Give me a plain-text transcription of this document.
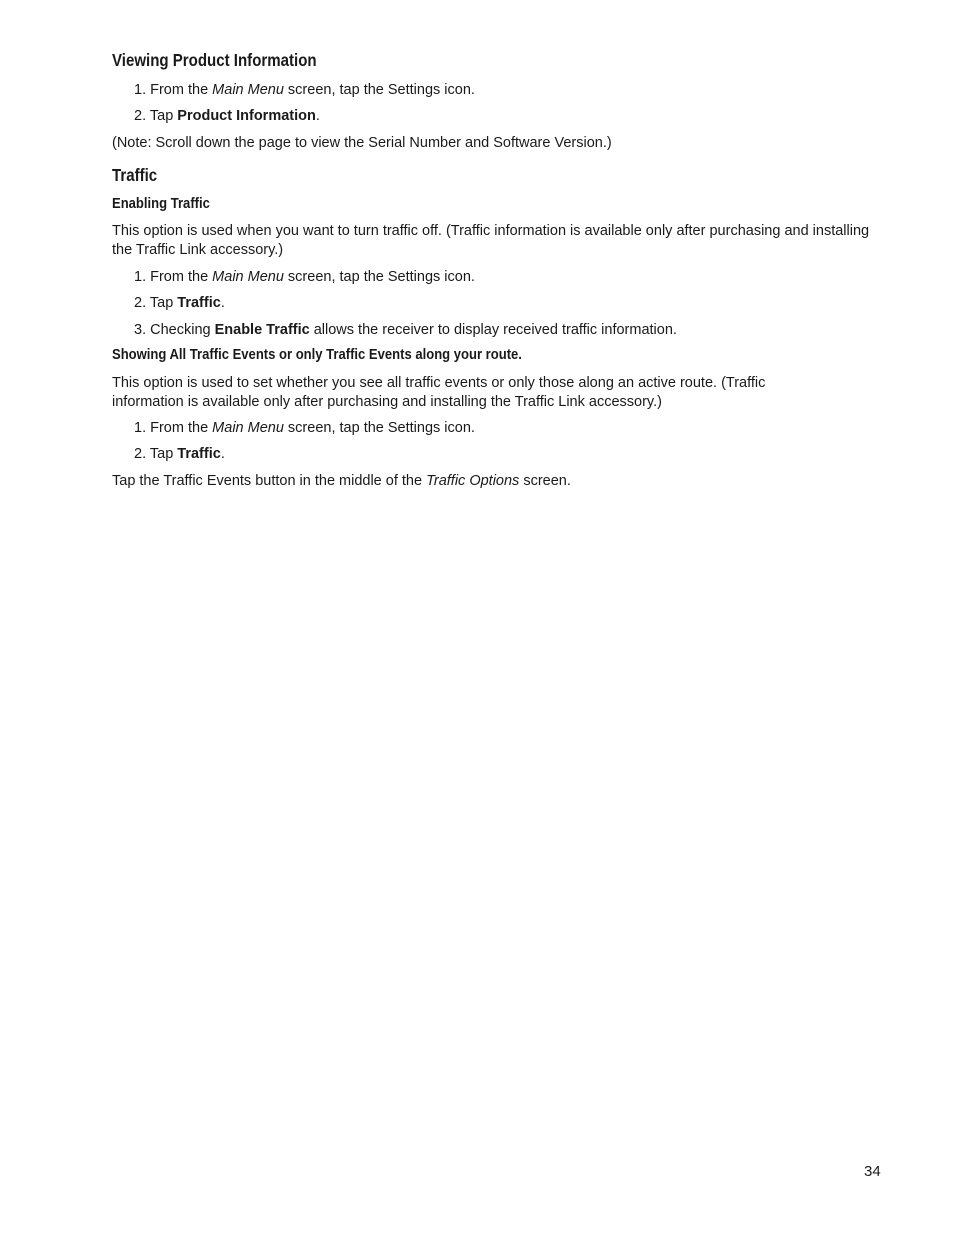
Viewing Product Information

1. From the Main Menu screen, tap the Settings icon.

2. Tap Product Information.

(Note: Scroll down the page to view the Serial Number and Software Version.)

Traffic
Enabling Traffic

This option is used when you want to turn traffic off. (Traffic information is available only after purchasing and installing the Traffic Link accessory.)

1. From the Main Menu screen, tap the Settings icon.

2. Tap Traffic.

3. Checking Enable Traffic allows the receiver to display received traffic information.

Showing All Traffic Events or only Traffic Events along your route.

This option is used to set whether you see all traffic events or only those along an active route. (Traffic information is available only after purchasing and installing the Traffic Link accessory.)

1. From the Main Menu screen, tap the Settings icon.

2. Tap Traffic.

Tap the Traffic Events button in the middle of the Traffic Options screen.

34
